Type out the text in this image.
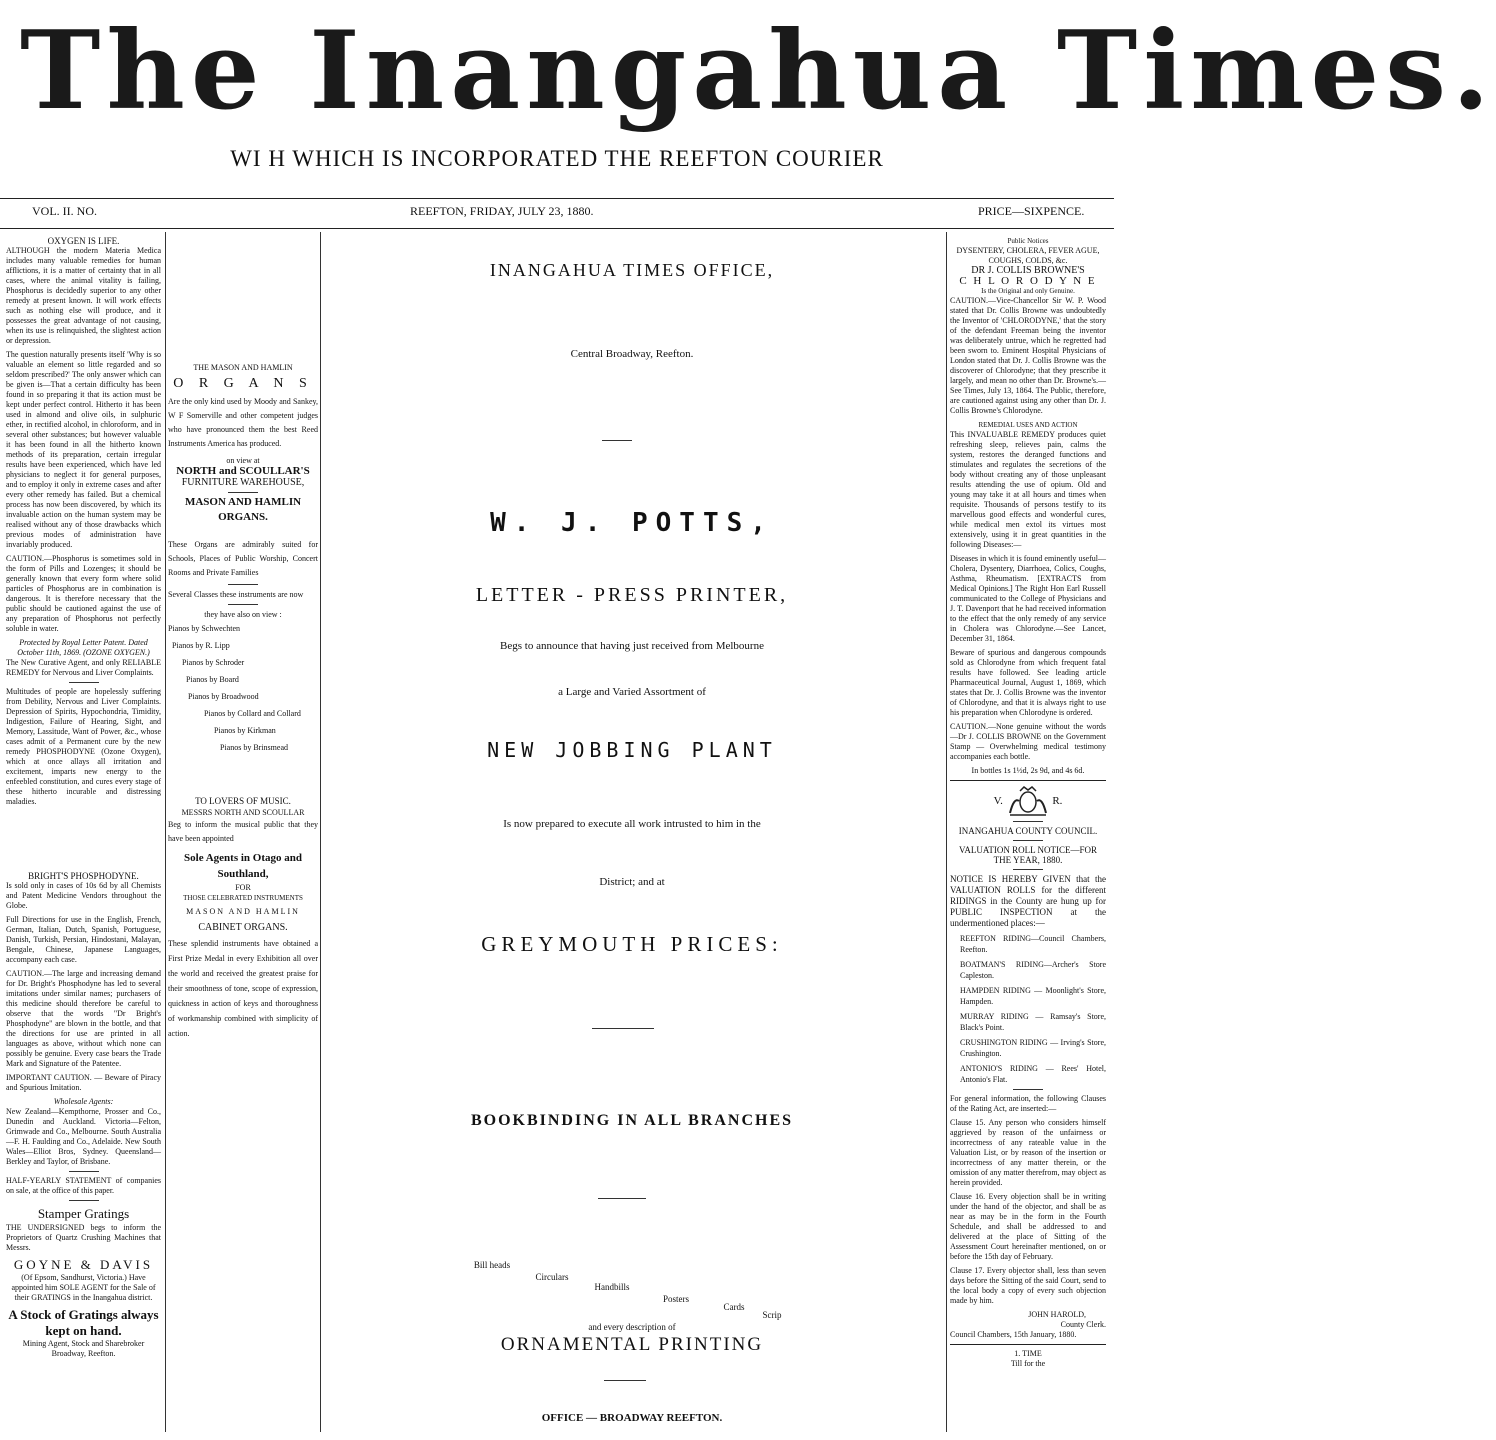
The Inangahua Times.
WI H WHICH IS INCORPORATED THE REEFTON COURIER
VOL. II. NO.	REEFTON, FRIDAY, JULY 23, 1880.	PRICE—SIXPENCE.
OXYGEN IS LIFE.

ALTHOUGH the modern Materia Medica includes many valuable remedies for human afflictions, it is a matter of certainty that in all cases, where the animal vitality is failing, Phosphorus is decidedly superior to any other remedy at present known. It will work effects such as nothing else will produce, and it possesses the great advantage of not causing, when its use is relinquished, the slightest action or depression.

The question naturally presents itself 'Why is so valuable an element so little regarded and so seldom prescribed?' The only answer which can be given is—That a certain difficulty has been found in so preparing it that its action must be kept under perfect control. Hitherto it has been used in almond and olive oils, in sulphuric ether, in rectified alcohol, in chloroform, and in several other substances; but however valuable it has been found in all the hitherto known methods of its preparation, certain irregular results have been experienced, which have led physicians to neglect it for general purposes, and to employ it only in extreme cases and after every other remedy has failed. But a chemical process has now been discovered, by which its invaluable action on the human system may be realised without any of those drawbacks which previous modes of administration have invariably produced.

CAUTION.—Phosphorus is sometimes sold in the form of Pills and Lozenges; it should be generally known that every form where solid particles of Phosphorus are in combination is dangerous. It is therefore necessary that the public should be cautioned against the use of any preparation of Phosphorus not perfectly soluble in water.

Protected by Royal Letter Patent. Dated October 11th, 1869. (OZONE OXYGEN.)

The New Curative Agent, and only RELIABLE REMEDY for Nervous and Liver Complaints.

Multitudes of people are hopelessly suffering from Debility, Nervous and Liver Complaints. Depression of Spirits, Hypochondria, Timidity, Indigestion, Failure of Hearing, Sight, and Memory, Lassitude, Want of Power, &c., whose cases admit of a Permanent cure by the new remedy PHOSPHODYNE (Ozone Oxygen), which at once allays all irritation and excitement, imparts new energy to the enfeebled constitution, and cures every stage of these hitherto incurable and distressing maladies.

BRIGHT'S PHOSPHODYNE.

Is sold only in cases of 10s 6d by all Chemists and Patent Medicine Vendors throughout the Globe.

Full Directions for use in the English, French, German, Italian, Dutch, Spanish, Portuguese, Danish, Turkish, Persian, Hindostani, Malayan, Bengale, Chinese, Japanese Languages, accompany each case.

CAUTION.—The large and increasing demand for Dr. Bright's Phosphodyne has led to several imitations under similar names; purchasers of this medicine should therefore be careful to observe that the words "Dr Bright's Phosphodyne" are blown in the bottle, and that the directions for use are printed in all languages as above, without which none can possibly be genuine. Every case bears the Trade Mark and Signature of the Patentee.

IMPORTANT CAUTION. — Beware of Piracy and Spurious Imitation.

Wholesale Agents:

New Zealand—Kempthorne, Prosser and Co., Dunedin and Auckland. Victoria—Felton, Grimwade and Co., Melbourne. South Australia—F. H. Faulding and Co., Adelaide. New South Wales—Elliot Bros, Sydney. Queensland—Berkley and Taylor, of Brisbane.

HALF-YEARLY STATEMENT of companies on sale, at the office of this paper.

Stamper Gratings

THE UNDERSIGNED begs to inform the Proprietors of Quartz Crushing Machines that Messrs.

GOYNE & DAVIS

(Of Epsom, Sandhurst, Victoria.) Have appointed him SOLE AGENT for the Sale of their GRATINGS in the Inangahua district.

A Stock of Gratings always kept on hand.

Mining Agent, Stock and Sharebroker Broadway, Reefton.

THE MASON AND HAMLIN
O R G A N S

Are the only kind used by Moody and Sankey, W F Somerville and other competent judges who have pronounced them the best Reed Instruments America has produced.

on view at
NORTH and SCOULLAR'S
FURNITURE WAREHOUSE,
MASON AND HAMLIN
ORGANS.

These Organs are admirably suited for Schools, Places of Public Worship, Concert Rooms and Private Families

Several Classes these instruments are now

they have also on view :
Pianos by Schwechten
Pianos by R. Lipp
Pianos by Schroder
Pianos by Board
Pianos by Broadwood
Pianos by Collard and Collard
Pianos by Kirkman
Pianos by Brinsmead
TO LOVERS OF MUSIC.
MESSRS NORTH AND SCOULLAR

Beg to inform the musical public that they have been appointed

Sole Agents in Otago and Southland,
FOR
THOSE CELEBRATED INSTRUMENTS
MASON AND HAMLIN
CABINET ORGANS.

These splendid instruments have obtained a First Prize Medal in every Exhibition all over the world and received the greatest praise for their smoothness of tone, scope of expression, quickness in action of keys and thoroughness of workmanship combined with simplicity of action.

INANGAHUA TIMES OFFICE,
Central Broadway, Reefton.
W. J. POTTS,
LETTER - PRESS PRINTER,
Begs to announce that having just received from Melbourne
a Large and Varied Assortment of
NEW JOBBING PLANT
Is now prepared to execute all work intrusted to him in the
District; and at
GREYMOUTH PRICES:
BOOKBINDING IN ALL BRANCHES
Bill heads
Circulars
Handbills
Posters
Cards
Scrip
and every description of
ORNAMENTAL PRINTING
OFFICE — BROADWAY REEFTON.
Public Notices
DYSENTERY, CHOLERA, FEVER AGUE, COUGHS, COLDS, &c.
DR J. COLLIS BROWNE'S
C H L O R O D Y N E
Is the Original and only Genuine.

CAUTION.—Vice-Chancellor Sir W. P. Wood stated that Dr. Collis Browne was undoubtedly the Inventor of 'CHLORODYNE,' that the story of the defendant Freeman being the inventor was deliberately untrue, which he regretted had been sworn to. Eminent Hospital Physicians of London stated that Dr. J. Collis Browne was the discoverer of Chlorodyne; that they prescribe it largely, and mean no other than Dr. Browne's.—See Times, July 13, 1864. The Public, therefore, are cautioned against using any other than Dr. J. Collis Browne's Chlorodyne.

REMEDIAL USES AND ACTION

This INVALUABLE REMEDY produces quiet refreshing sleep, relieves pain, calms the system, restores the deranged functions and stimulates and regulates the secretions of the body without creating any of those unpleasant results attending the use of opium. Old and young may take it at all hours and times when requisite. Thousands of persons testify to its marvellous good effects and wonderful cures, while medical men extol its virtues most extensively, using it in great quantities in the following Diseases:—

Diseases in which it is found eminently useful—Cholera, Dysentery, Diarrhoea, Colics, Coughs, Asthma, Rheumatism. [EXTRACTS from Medical Opinions.] The Right Hon Earl Russell communicated to the College of Physicians and J. T. Davenport that he had received information to the effect that the only remedy of any service in Cholera was Chlorodyne.—See Lancet, December 31, 1864.

Beware of spurious and dangerous compounds sold as Chlorodyne from which frequent fatal results have followed. See leading article Pharmaceutical Journal, August 1, 1869, which states that Dr. J. Collis Browne was the inventor of Chlorodyne, and that it is always right to use his preparation when Chlorodyne is ordered.

CAUTION.—None genuine without the words—Dr J. COLLIS BROWNE on the Government Stamp — Overwhelming medical testimony accompanies each bottle.

In bottles 1s 1½d, 2s 9d, and 4s 6d.
V.	R.
INANGAHUA COUNTY COUNCIL.
VALUATION ROLL NOTICE—FOR
THE YEAR, 1880.

NOTICE IS HEREBY GIVEN that the VALUATION ROLLS for the different RIDINGS in the County are hung up for PUBLIC INSPECTION at the undermentioned places:—

REEFTON RIDING—Council Chambers, Reefton.

BOATMAN'S RIDING—Archer's Store Capleston.

HAMPDEN RIDING — Moonlight's Store, Hampden.

MURRAY RIDING — Ramsay's Store, Black's Point.

CRUSHINGTON RIDING — Irving's Store, Crushington.

ANTONIO'S RIDING — Rees' Hotel, Antonio's Flat.

For general information, the following Clauses of the Rating Act, are inserted:—

Clause 15. Any person who considers himself aggrieved by reason of the unfairness or incorrectness of any rateable value in the Valuation List, or by reason of the insertion or incorrectness of any matter therein, or the omission of any matter therefrom, may object as herein provided.

Clause 16. Every objection shall be in writing under the hand of the objector, and shall be as near as may be in the form in the Fourth Schedule, and shall be addressed to and delivered at the place of Sitting of the Assessment Court hereinafter mentioned, on or before the 15th day of February.

Clause 17. Every objector shall, less than seven days before the Sitting of the said Court, send to the local body a copy of every such objection made by him.

JOHN HAROLD,
County Clerk.
Council Chambers, 15th January, 1880.
1. TIME
Till for the
